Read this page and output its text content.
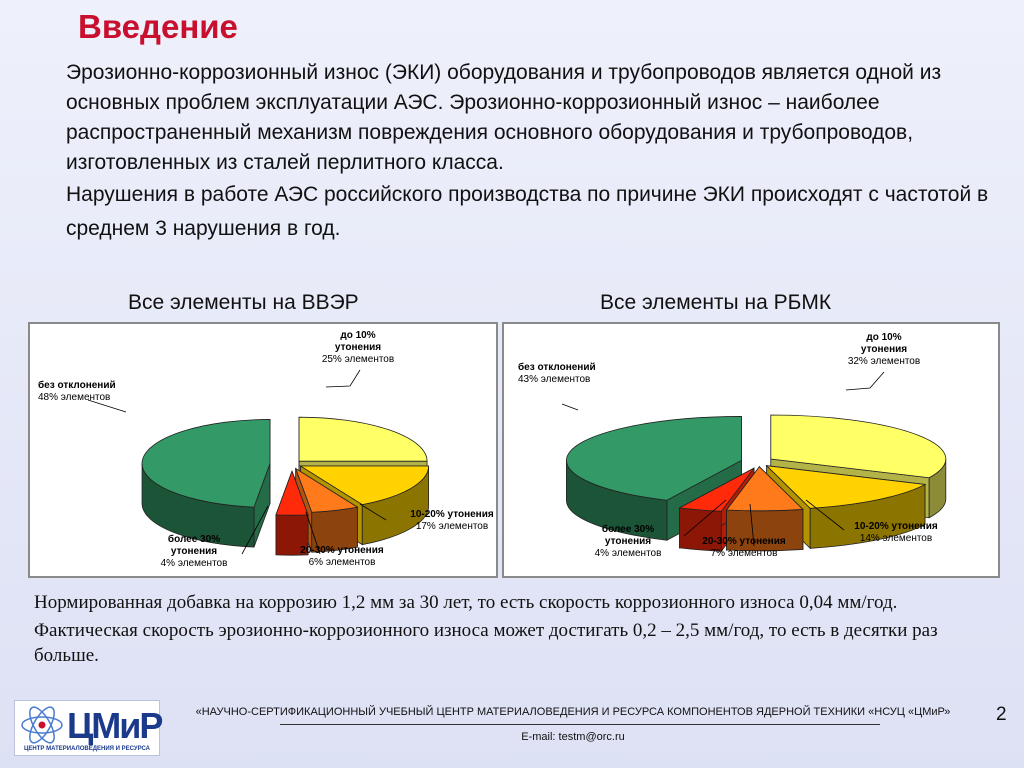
Введение

Эрозионно-коррозионный износ (ЭКИ) оборудования и трубопроводов является одной из основных проблем эксплуатации АЭС. Эрозионно-коррозионный износ – наиболее распространенный механизм повреждения основного оборудования и трубопроводов, изготовленных из сталей перлитного класса.

Нарушения в работе АЭС российского производства по причине ЭКИ происходят с частотой в среднем 3 нарушения в год.

Все элементы на ВВЭР	Все элементы на РБМК
до 10% утонения
25% элементов
10-20% утонения
17% элементов
20-30% утонения
6% элементов
более 30% утонения
4% элементов
без отклонений
48% элементов
до 10% утонения
32% элементов
10-20% утонения
14% элементов
20-30% утонения
7% элементов
более 30% утонения
4% элементов
без отклонений
43% элементов

Нормированная добавка на коррозию 1,2 мм за 30 лет, то есть скорость коррозионного износа 0,04 мм/год.

Фактическая скорость эрозионно-коррозионного износа может достигать 0,2 – 2,5 мм/год, то есть в десятки раз больше.

ЦМиР
ЦЕНТР МАТЕРИАЛОВЕДЕНИЯ И РЕСУРСА
«НАУЧНО-СЕРТИФИКАЦИОННЫЙ УЧЕБНЫЙ ЦЕНТР МАТЕРИАЛОВЕДЕНИЯ И РЕСУРСА КОМПОНЕНТОВ ЯДЕРНОЙ ТЕХНИКИ «НСУЦ «ЦМиР»
E-mail: testm@orc.ru
2
